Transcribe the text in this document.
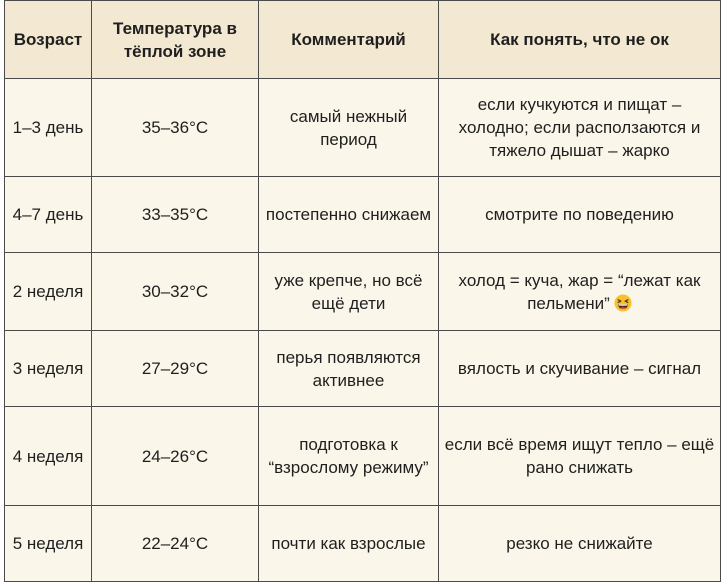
Возраст	Температура в тёплой зоне	Комментарий	Как понять, что не ок
1–3 день	35–36°C	самый нежный период	если кучкуются и пищат – холодно; если расползаются и тяжело дышат – жарко
4–7 день	33–35°C	постепенно снижаем	смотрите по поведению
2 неделя	30–32°C	уже крепче, но всё ещё дети	холод = куча, жар = “лежат как пельмени”
3 неделя	27–29°C	перья появляются активнее	вялость и скучивание – сигнал
4 неделя	24–26°C	подготовка к “взрослому режиму”	если всё время ищут тепло – ещё рано снижать
5 неделя	22–24°C	почти как взрослые	резко не снижайте
